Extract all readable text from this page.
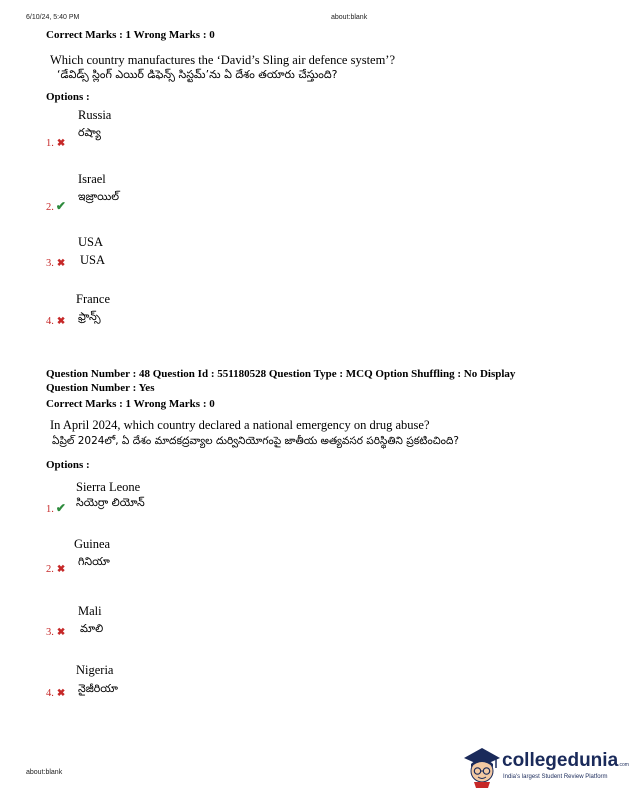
6/10/24, 5:40 PM	about:blank
Correct Marks : 1 Wrong Marks : 0
Which country manufactures the ‘David’s Sling air defence system’?
‘డేవిడ్స్ స్లింగ్ ఎయిర్ డిఫెన్స్ సిస్టమ్’ను ఏ దేశం తయారు చేస్తుంది?
Options :
Russia
రష్యా
1. ✖
Israel
ఇజ్రాయిల్
2. ✔
USA
USA
3. ✖
France
ఫ్రాన్స్
4. ✖
Question Number : 48 Question Id : 551180528 Question Type : MCQ Option Shuffling : No Display
Question Number : Yes
Correct Marks : 1 Wrong Marks : 0
In April 2024, which country declared a national emergency on drug abuse?
ఏప్రిల్ 2024లో, ఏ దేశం మాదకద్రవ్యాల దుర్వినియోగంపై జాతీయ అత్యవసర పరిస్థితిని ప్రకటించింది?
Options :
Sierra Leone
సియెర్రా లియోన్
1. ✔
Guinea
గినియా
2. ✖
Mali
మాలి
3. ✖
Nigeria
నైజీరియా
4. ✖
about:blank
collegedunia.com
India's largest Student Review Platform
